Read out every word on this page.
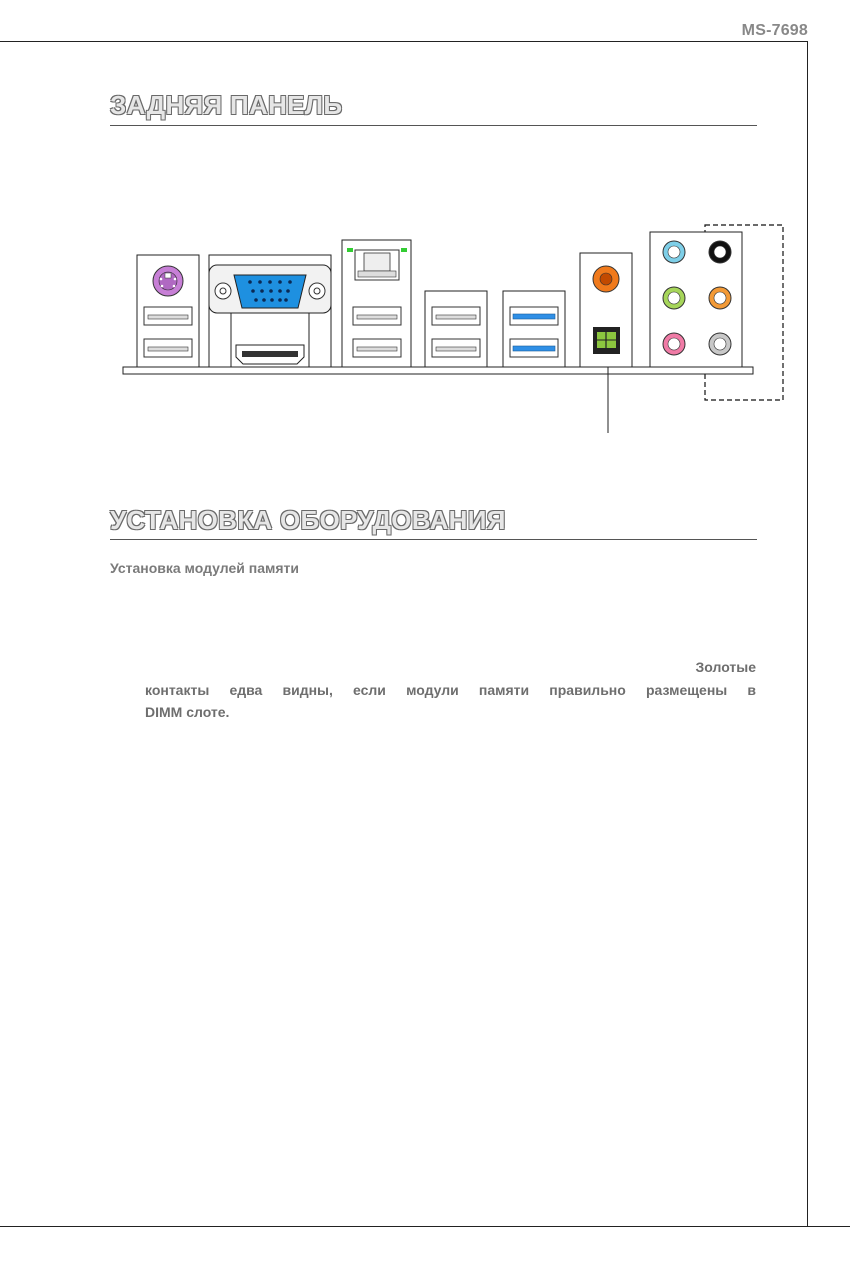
MS-7698
ЗАДНЯЯ ПАНЕЛЬ
УСТАНОВКА ОБОРУДОВАНИЯ
Установка модулей памяти
Золотые
контакты едва видны, если модули памяти правильно размещены в
DIMM слоте.
